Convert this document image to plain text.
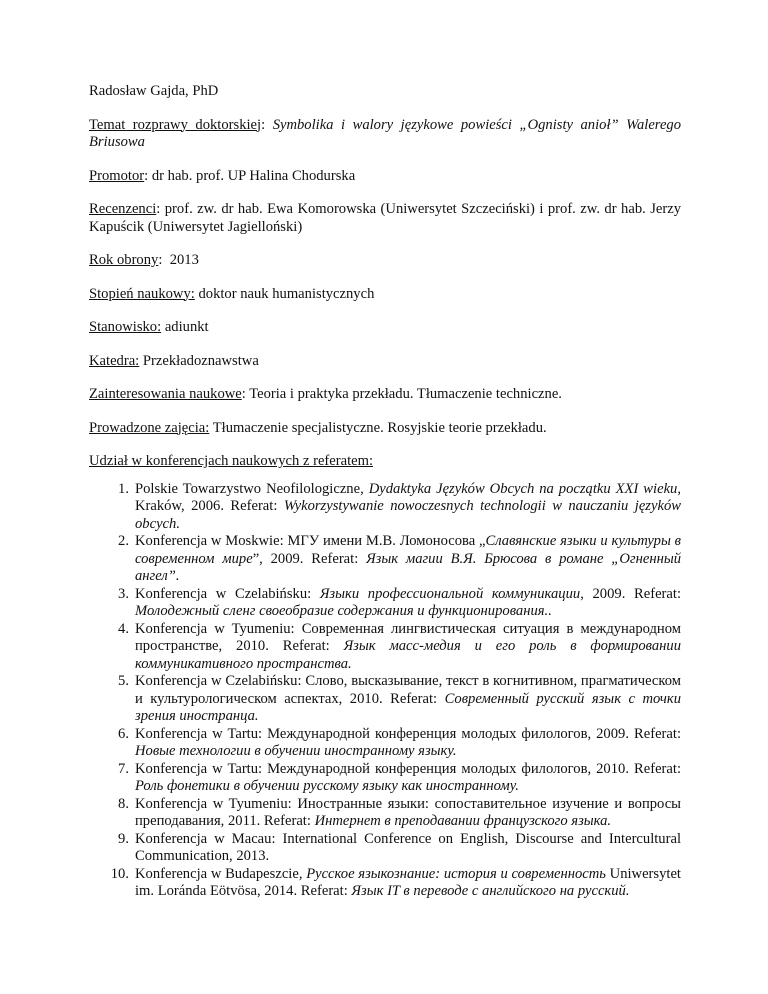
Radosław Gajda, PhD

Temat rozprawy doktorskiej: Symbolika i walory językowe powieści „Ognisty anioł” Walerego Briusowa

Promotor: dr hab. prof. UP Halina Chodurska

Recenzenci: prof. zw. dr hab. Ewa Komorowska (Uniwersytet Szczeciński) i prof. zw. dr hab. Jerzy Kapuścik (Uniwersytet Jagielloński)

Rok obrony:  2013

Stopień naukowy: doktor nauk humanistycznych

Stanowisko: adiunkt

Katedra: Przekładoznawstwa

Zainteresowania naukowe: Teoria i praktyka przekładu. Tłumaczenie techniczne.

Prowadzone zajęcia: Tłumaczenie specjalistyczne. Rosyjskie teorie przekładu.

Udział w konferencjach naukowych z referatem:

1. Polskie Towarzystwo Neofilologiczne, Dydaktyka Języków Obcych na początku XXI wieku, Kraków, 2006. Referat: Wykorzystywanie nowoczesnych technologii w nauczaniu języków obcych.
2. Konferencja w Moskwie: МГУ имени М.В. Ломоносова „Славянские языки и культуры в современном мире”, 2009. Referat: Язык магии В.Я. Брюсова в романе „Огненный ангел”.
3. Konferencja w Czelabińsku: Языки профессиональной коммуникации, 2009. Referat: Молодежный сленг своеобразие содержания и функционирования..
4. Konferencja w Tyumeniu: Современная лингвистическая ситуация в международном пространстве, 2010. Referat: Язык масс-медия и его роль в формировании коммуникативного пространства.
5. Konferencja w Czelabińsku: Слово, высказывание, текст в когнитивном, прагматическом и культурологическом аспектах, 2010. Referat: Современный русский язык с точки зрения иностранца.
6. Konferencja w Tartu: Международной конференция молодых филологов, 2009. Referat: Новые технологии в обучении иностранному языку.
7. Konferencja w Tartu: Международной конференция молодых филологов, 2010. Referat: Роль фонетики в обучении русскому языку как иностранному.
8. Konferencja w Tyumeniu: Иностранные языки: сопоставительное изучение и вопросы преподавания, 2011. Referat: Интернет в преподавании французского языка.
9. Konferencja w Macau: International Conference on English, Discourse and Intercultural Communication, 2013.
10. Konferencja w Budapeszcie, Русское языкознание: история и современность Uniwersytet im. Loránda Eötvösa, 2014. Referat: Язык IT в переводе с английского на русский.
